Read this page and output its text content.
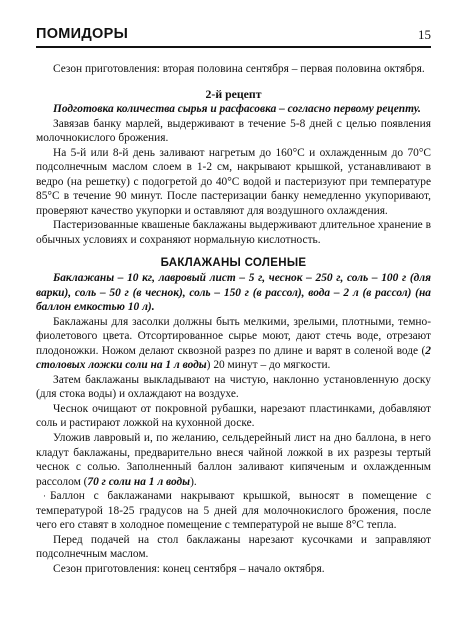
ПОМИДОРЫ	15

Сезон приготовления: вторая половина сентября – первая половина октября.

2-й рецепт

Подготовка количества сырья и расфасовка – согласно первому рецепту.

Завязав банку марлей, выдерживают в течение 5-8 дней с целью появления молочнокислого брожения.

На 5-й или 8-й день заливают нагретым до 160°С и охлажденным до 70°С подсолнечным маслом слоем в 1-2 см, накрывают крышкой, устанавливают в ведро (на решетку) с подогретой до 40°С водой и пастеризуют при температуре 85°С в течение 90 минут. После пастеризации банку немедленно укупоривают, проверяют качество укупорки и оставляют для воздушного охлаждения.

Пастеризованные квашеные баклажаны выдерживают длительное хранение в обычных условиях и сохраняют нормальную кислотность.

БАКЛАЖАНЫ СОЛЕНЫЕ

Баклажаны – 10 кг, лавровый лист – 5 г, чеснок – 250 г, соль – 100 г (для варки), соль – 50 г (в чеснок), соль – 150 г (в рассол), вода – 2 л (в рассол) (на баллон емкостью 10 л).

Баклажаны для засолки должны быть мелкими, зрелыми, плотными, темно-фиолетового цвета. Отсортированное сырье моют, дают стечь воде, отрезают плодоножки. Ножом делают сквозной разрез по длине и варят в соленой воде (2 столовых ложки соли на 1 л воды) 20 минут – до мягкости.

Затем баклажаны выкладывают на чистую, наклонно установленную доску (для стока воды) и охлаждают на воздухе.

Чеснок очищают от покровной рубашки, нарезают пластинками, добавляют соль и растирают ложкой на кухонной доске.

Уложив лавровый и, по желанию, сельдерейный лист на дно баллона, в него кладут баклажаны, предварительно внеся чайной ложкой в их разрезы тертый чеснок с солью. Заполненный баллон заливают кипяченым и охлажденным рассолом (70 г соли на 1 л воды).

· Баллон с баклажанами накрывают крышкой, выносят в помещение с температурой 18-25 градусов на 5 дней для молочнокислого брожения, после чего его ставят в холодное помещение с температурой не выше 8°С тепла.

Перед подачей на стол баклажаны нарезают кусочками и заправляют подсолнечным маслом.

Сезон приготовления: конец сентября – начало октября.
